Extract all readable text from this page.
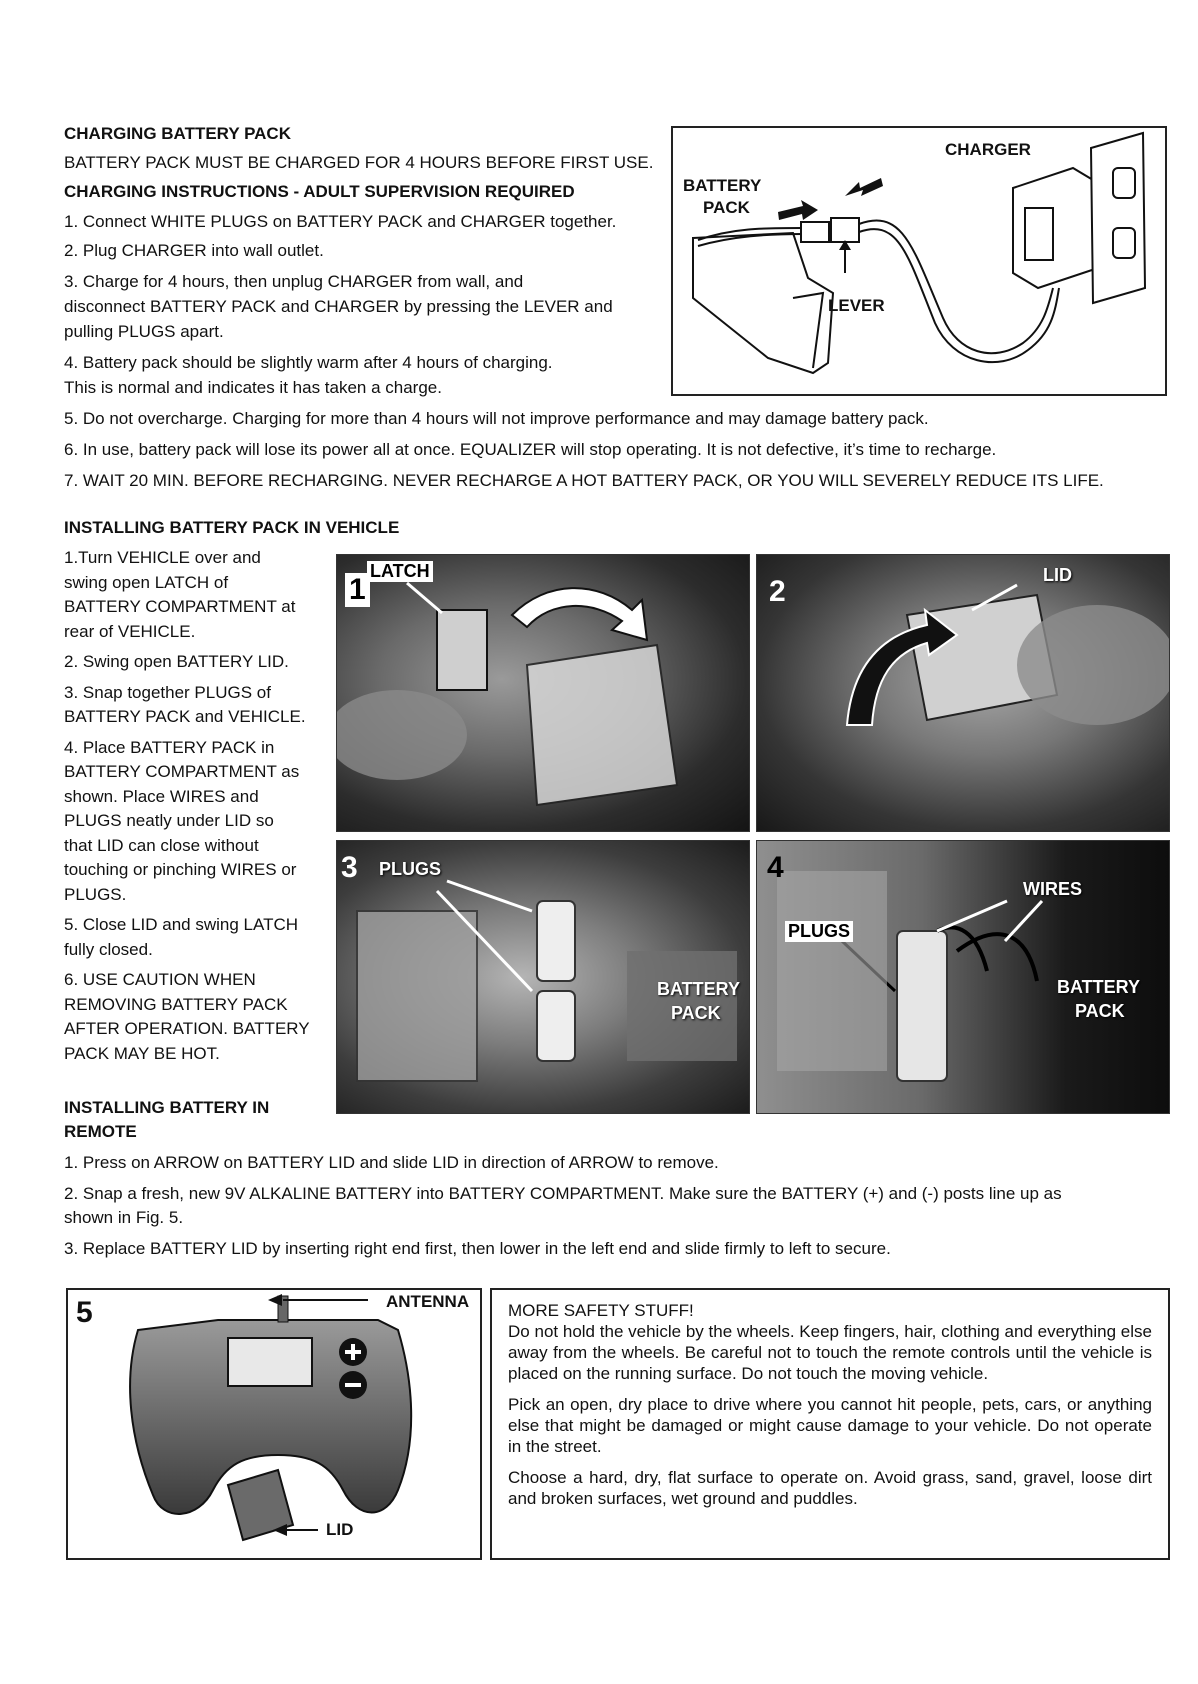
CHARGING BATTERY PACK
BATTERY PACK MUST BE CHARGED FOR 4 HOURS BEFORE FIRST USE.
CHARGING INSTRUCTIONS - ADULT SUPERVISION REQUIRED
1. Connect WHITE PLUGS on BATTERY PACK and CHARGER together.
2. Plug CHARGER into wall outlet.
3. Charge for 4 hours, then unplug CHARGER from wall, and
disconnect BATTERY PACK and CHARGER by pressing the LEVER and
pulling PLUGS apart.
4. Battery pack should be slightly warm after 4 hours of charging.
This is normal and indicates it has taken a charge.
5. Do not overcharge. Charging for more than 4 hours will not improve performance and may damage battery pack.
6. In use, battery pack will lose its power all at once. EQUALIZER will stop operating. It is not defective, it’s time to recharge.
7. WAIT 20 MIN. BEFORE RECHARGING. NEVER RECHARGE A HOT BATTERY PACK, OR YOU WILL SEVERELY REDUCE ITS LIFE.
CHARGER
BATTERY
PACK
LEVER
INSTALLING BATTERY PACK IN VEHICLE
1.Turn VEHICLE over and
swing open LATCH of
BATTERY COMPARTMENT at
rear of VEHICLE.
2. Swing open BATTERY LID.
3. Snap together PLUGS of
BATTERY PACK and VEHICLE.
4. Place BATTERY PACK in
BATTERY COMPARTMENT as
shown. Place WIRES and
PLUGS neatly under LID so
that LID can close without
touching or pinching WIRES or
PLUGS.
5. Close LID and swing LATCH
fully closed.
6. USE CAUTION WHEN
REMOVING BATTERY PACK
AFTER OPERATION. BATTERY
PACK MAY BE HOT.
1
LATCH
2	LID
3 PLUGS
BATTERY
PACK
4
PLUGS
WIRES
BATTERY
PACK
INSTALLING BATTERY IN
REMOTE
1. Press on ARROW on BATTERY LID and slide LID in direction of ARROW to remove.
2. Snap a fresh, new 9V ALKALINE BATTERY into BATTERY COMPARTMENT. Make sure the BATTERY (+) and (-) posts line up as
shown in Fig. 5.
3. Replace BATTERY LID by inserting right end first, then lower in the left end and slide firmly to left to secure.
5	ANTENNA
LID

MORE SAFETY STUFF!

Do not hold the vehicle by the wheels. Keep fingers, hair, clothing and everything else away from the wheels. Be careful not to touch the remote controls until the vehicle is placed on the running surface. Do not touch the moving vehicle.

Pick an open, dry place to drive where you cannot hit people, pets, cars, or anything else that might be damaged or might cause damage to your vehicle. Do not operate in the street.

Choose a hard, dry, flat surface to operate on. Avoid grass, sand, gravel, loose dirt and broken surfaces, wet ground and puddles.
